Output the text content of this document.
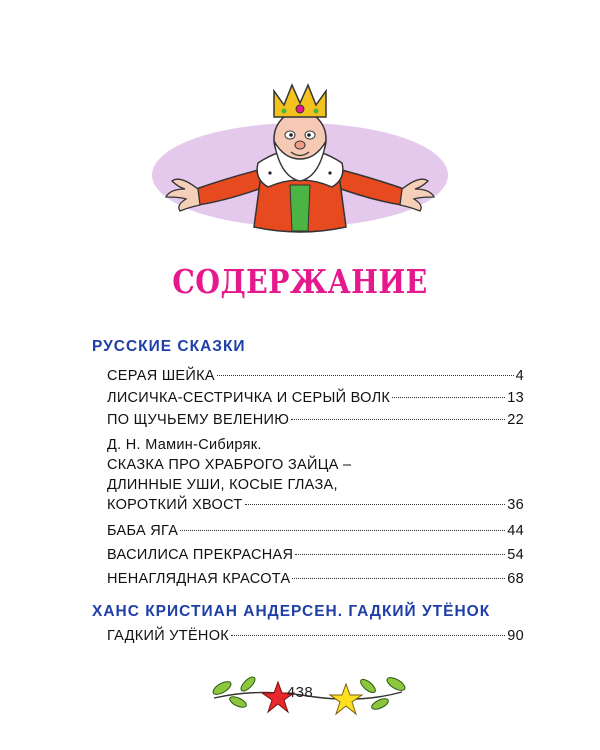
СОДЕРЖАНИЕ
РУССКИЕ СКАЗКИ
СЕРАЯ ШЕЙКА	4
ЛИСИЧКА-СЕСТРИЧКА И СЕРЫЙ ВОЛК	13
ПО ЩУЧЬЕМУ ВЕЛЕНИЮ	22
Д. Н. Мамин-Сибиряк.
СКАЗКА ПРО ХРАБРОГО ЗАЙЦА –
ДЛИННЫЕ УШИ, КОСЫЕ ГЛАЗА,
КОРОТКИЙ ХВОСТ	36
БАБА ЯГА	44
ВАСИЛИСА ПРЕКРАСНАЯ	54
НЕНАГЛЯДНАЯ КРАСОТА	68
ХАНС КРИСТИАН АНДЕРСЕН. ГАДКИЙ УТЁНОК
ГАДКИЙ УТЁНОК	90
438
